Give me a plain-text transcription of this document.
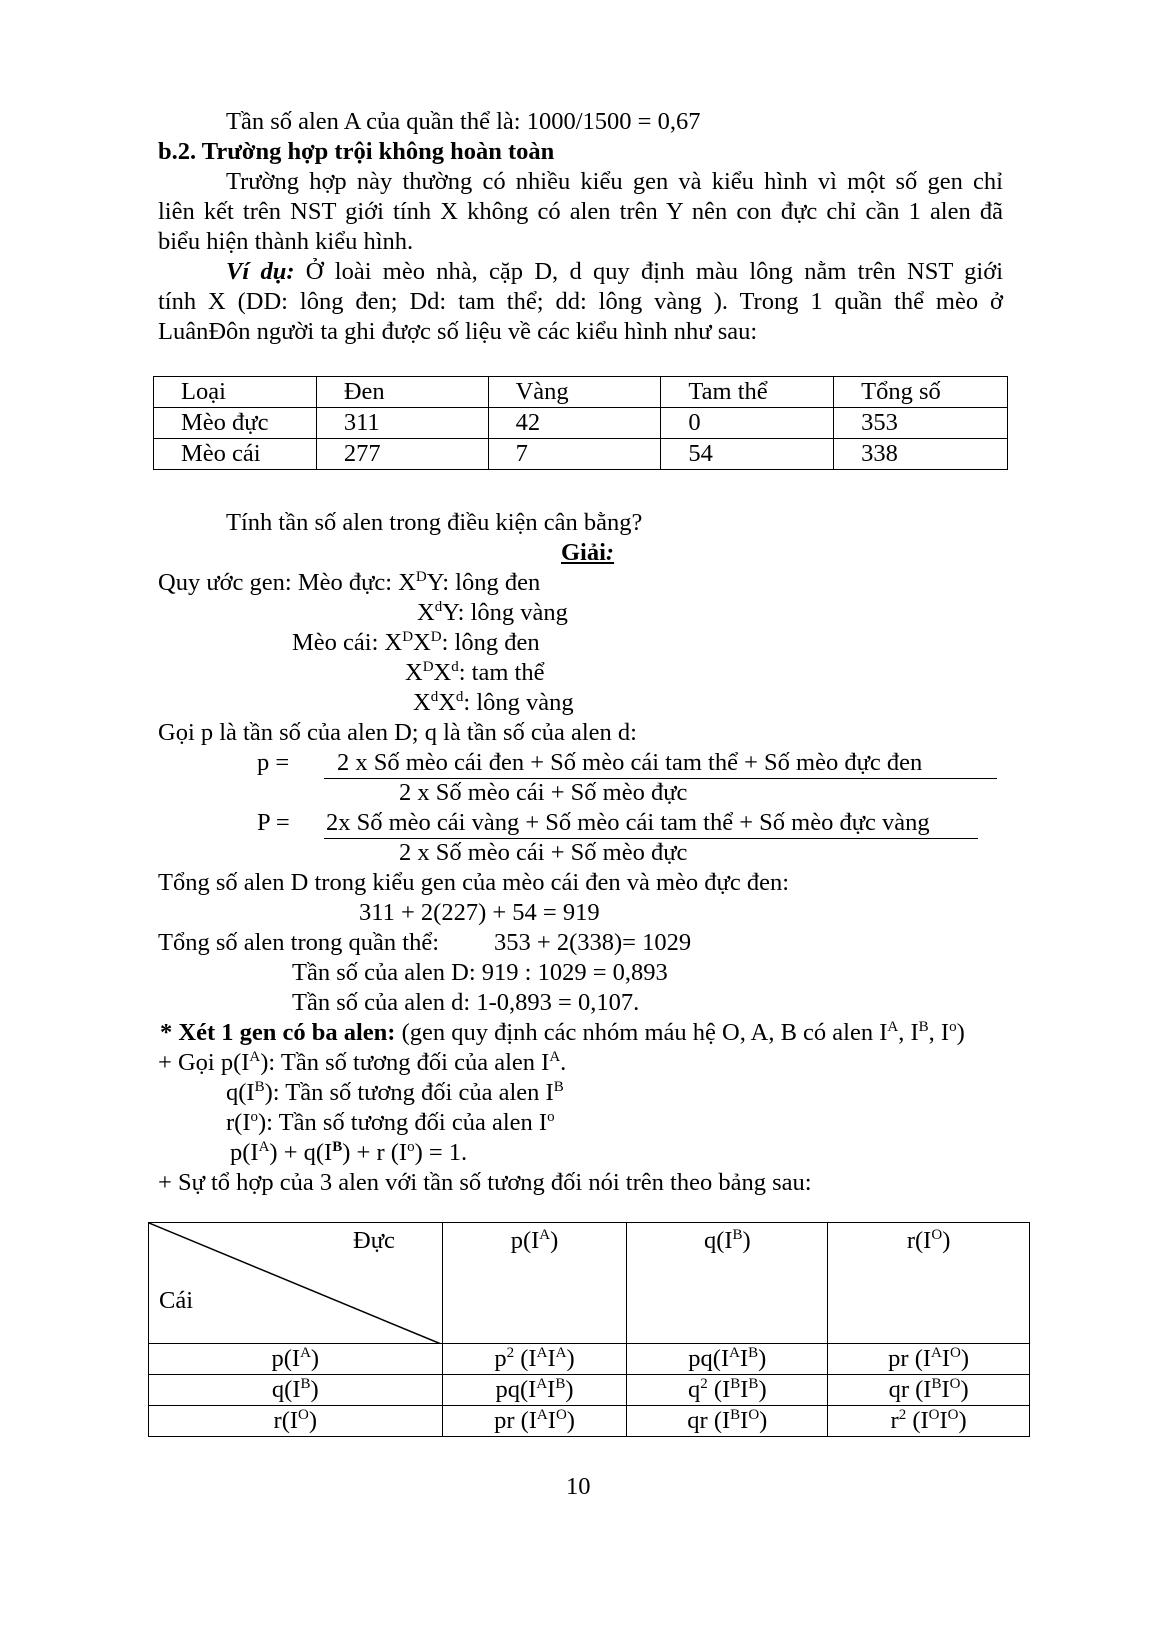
Tần số alen A của quần thể là: 1000/1500 = 0,67
b.2. Trường hợp trội không hoàn toàn
Trường hợp này thường có nhiều kiểu gen và kiểu hình vì một số gen chỉ
liên kết trên NST giới tính X không có alen trên Y nên con đực chỉ cần 1 alen đã
biểu hiện thành kiểu hình.
Ví dụ: Ở loài mèo nhà, cặp D, d quy định màu lông nằm trên NST giới
tính X (DD: lông đen; Dd: tam thể; dd: lông vàng ). Trong 1 quần thể mèo ở
LuânĐôn người ta ghi được số liệu về các kiểu hình như sau:
Loại	Đen	Vàng	Tam thể	Tổng số
Mèo đực	311	42	0	353
Mèo cái	277	7	54	338
Tính tần số alen trong điều kiện cân bằng?
Giải:
Quy ước gen: Mèo đực: $X^DY$: lông đen
$X^dY$: lông vàng
Mèo cái: $X^DX^D$: lông đen
$X^DX^d$: tam thể
$X^dX^d$: lông vàng
Gọi p là tần số của alen D; q là tần số của alen d:
p = 2 x Số mèo cái đen + Số mèo cái tam thể + Số mèo đực đen
2 x Số mèo cái + Số mèo đực
P = 2x Số mèo cái vàng + Số mèo cái tam thể + Số mèo đực vàng
2 x Số mèo cái + Số mèo đực
Tổng số alen D trong kiểu gen của mèo cái đen và mèo đực đen:
311 + 2(227) + 54 = 919
Tổng số alen trong quần thể: 353 + 2(338)= 1029
Tần số của alen D: 919 : 1029 = 0,893
Tần số của alen d: 1-0,893 = 0,107.
* Xét 1 gen có ba alen: (gen quy định các nhóm máu hệ O, A, B có alen $I^A$, $I^B$, $I^o$)
+ Gọi $p(I^A)$: Tần số tương đối của alen $I^A$.
$q(I^B)$: Tần số tương đối của alen $I^B$
$r(I^o)$: Tần số tương đối của alen $I^o$
$p(I^A) + q(I^B) + r$ $(I^o) = 1$.
+ Sự tổ hợp của 3 alen với tần số tương đối nói trên theo bảng sau:
Đực
Cái	$p(I^A)$	$q(I^B)$	$r(I^O)$
$p(I^A)$	$p^2$ $(I^AI^A)$	$pq(I^AI^B)$	pr $(I^AI^O)$
$q(I^B)$	$pq(I^AI^B)$	$q^2$ $(I^BI^B)$	qr $(I^BI^O)$
$r(I^O)$	pr $(I^AI^O)$	qr $(I^BI^O)$	$r^2$ $(I^OI^O)$
10
